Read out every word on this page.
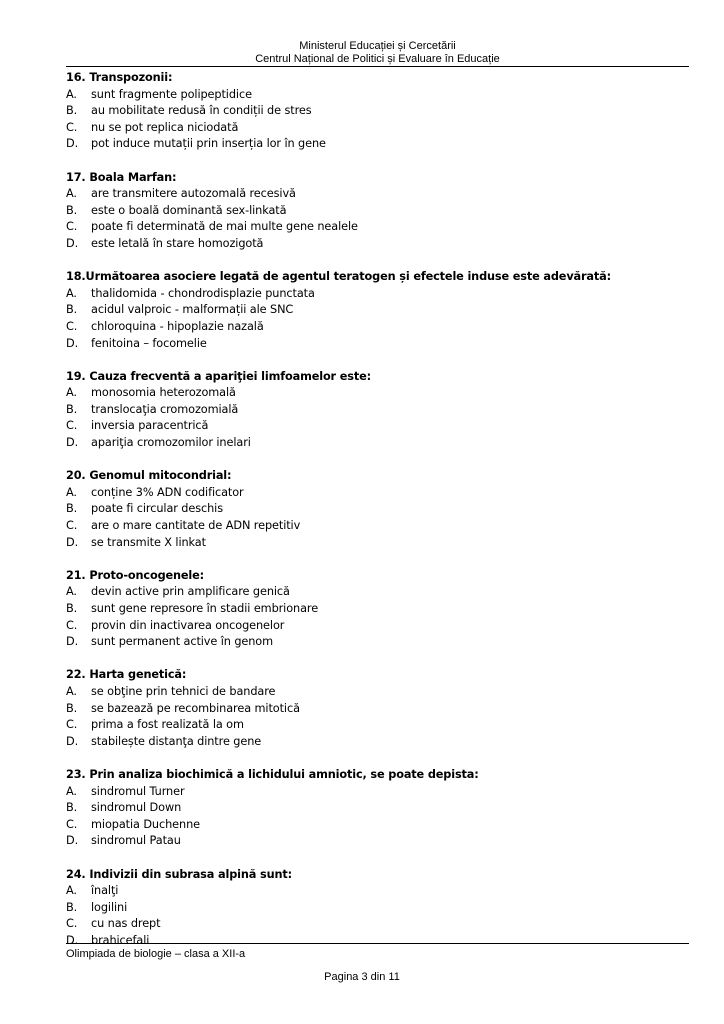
Ministerul Educației și Cercetării
Centrul Național de Politici și Evaluare în Educație
16. Transpozonii:
A.	sunt fragmente polipeptidice
B.	au mobilitate redusă în condiții de stres
C.	nu se pot replica niciodată
D.	pot induce mutații prin inserția lor în gene
17. Boala Marfan:
A.	are transmitere autozomală recesivă
B.	este o boală dominantă sex-linkată
C.	poate fi determinată de mai multe gene nealele
D.	este letală în stare homozigotă
18.Următoarea asociere legată de agentul teratogen și efectele induse este adevărată:
A.	thalidomida - chondrodisplazie punctata
B.	acidul valproic - malformații ale SNC
C.	chloroquina - hipoplazie nazală
D.	fenitoina – focomelie
19. Cauza frecventă a apariţiei limfoamelor este:
A.	monosomia heterozomală
B.	translocaţia cromozomială
C.	inversia paracentrică
D.	apariţia cromozomilor inelari
20. Genomul mitocondrial:
A.	conține 3% ADN codificator
B.	poate fi circular deschis
C.	are o mare cantitate de ADN repetitiv
D.	se transmite X linkat
21. Proto-oncogenele:
A.	devin active prin amplificare genică
B.	sunt gene represore în stadii embrionare
C.	provin din inactivarea oncogenelor
D.	sunt permanent active în genom
22. Harta genetică:
A.	se obţine prin tehnici de bandare
B.	se bazează pe recombinarea mitotică
C.	prima a fost realizată la om
D.	stabilește distanţa dintre gene
23. Prin analiza biochimică a lichidului amniotic, se poate depista:
A.	sindromul Turner
B.	sindromul Down
C.	miopatia Duchenne
D.	sindromul Patau
24. Indivizii din subrasa alpină sunt:
A.	înalţi
B.	logilini
C.	cu nas drept
D.	brahicefali
Olimpiada de biologie – clasa a XII-a
Pagina 3 din 11
